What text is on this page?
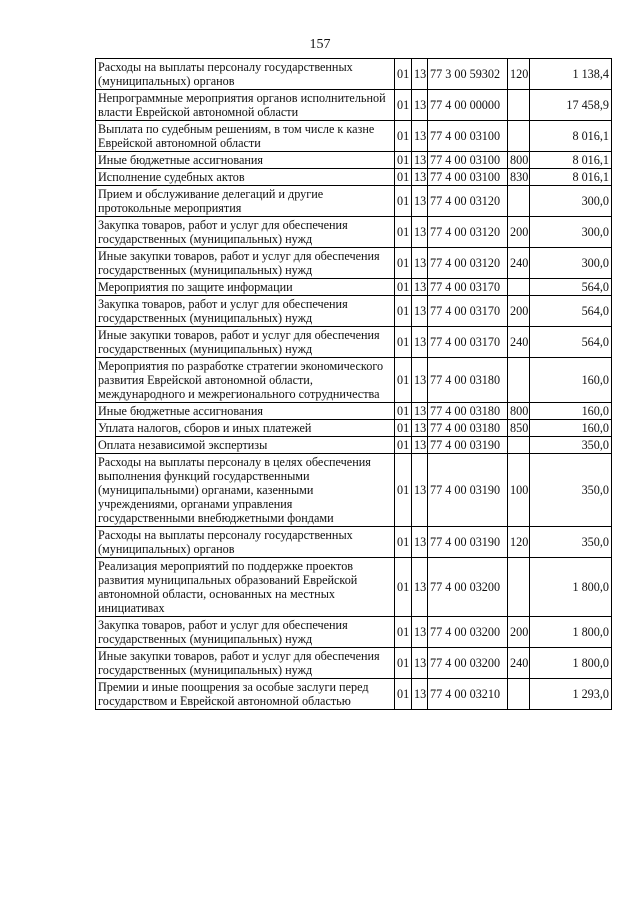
157
Расходы на выплаты персоналу государственных (муниципальных) органов	01	13	77 3 00 59302	120	1 138,4
Непрограммные мероприятия органов исполнительной власти Еврейской автономной области	01	13	77 4 00 00000		17 458,9
Выплата по судебным решениям, в том числе к казне Еврейской автономной области	01	13	77 4 00 03100		8 016,1
Иные бюджетные ассигнования	01	13	77 4 00 03100	800	8 016,1
Исполнение судебных актов	01	13	77 4 00 03100	830	8 016,1
Прием и обслуживание делегаций и другие протокольные мероприятия	01	13	77 4 00 03120		300,0
Закупка товаров, работ и услуг для обеспечения государственных (муниципальных) нужд	01	13	77 4 00 03120	200	300,0
Иные закупки товаров, работ и услуг для обеспечения государственных (муниципальных) нужд	01	13	77 4 00 03120	240	300,0
Мероприятия по защите информации	01	13	77 4 00 03170		564,0
Закупка товаров, работ и услуг для обеспечения государственных (муниципальных) нужд	01	13	77 4 00 03170	200	564,0
Иные закупки товаров, работ и услуг для обеспечения государственных (муниципальных) нужд	01	13	77 4 00 03170	240	564,0
Мероприятия по разработке стратегии экономического развития Еврейской автономной области, международного и межрегионального сотрудничества	01	13	77 4 00 03180		160,0
Иные бюджетные ассигнования	01	13	77 4 00 03180	800	160,0
Уплата налогов, сборов и иных платежей	01	13	77 4 00 03180	850	160,0
Оплата независимой экспертизы	01	13	77 4 00 03190		350,0
Расходы на выплаты персоналу в целях обеспечения выполнения функций государственными (муниципальными) органами, казенными учреждениями, органами управления государственными внебюджетными фондами	01	13	77 4 00 03190	100	350,0
Расходы на выплаты персоналу государственных (муниципальных) органов	01	13	77 4 00 03190	120	350,0
Реализация мероприятий по поддержке проектов развития муниципальных образований Еврейской автономной области, основанных на местных инициативах	01	13	77 4 00 03200		1 800,0
Закупка товаров, работ и услуг для обеспечения государственных (муниципальных) нужд	01	13	77 4 00 03200	200	1 800,0
Иные закупки товаров, работ и услуг для обеспечения государственных (муниципальных) нужд	01	13	77 4 00 03200	240	1 800,0
Премии и иные поощрения за особые заслуги перед государством и Еврейской автономной областью	01	13	77 4 00 03210		1 293,0
